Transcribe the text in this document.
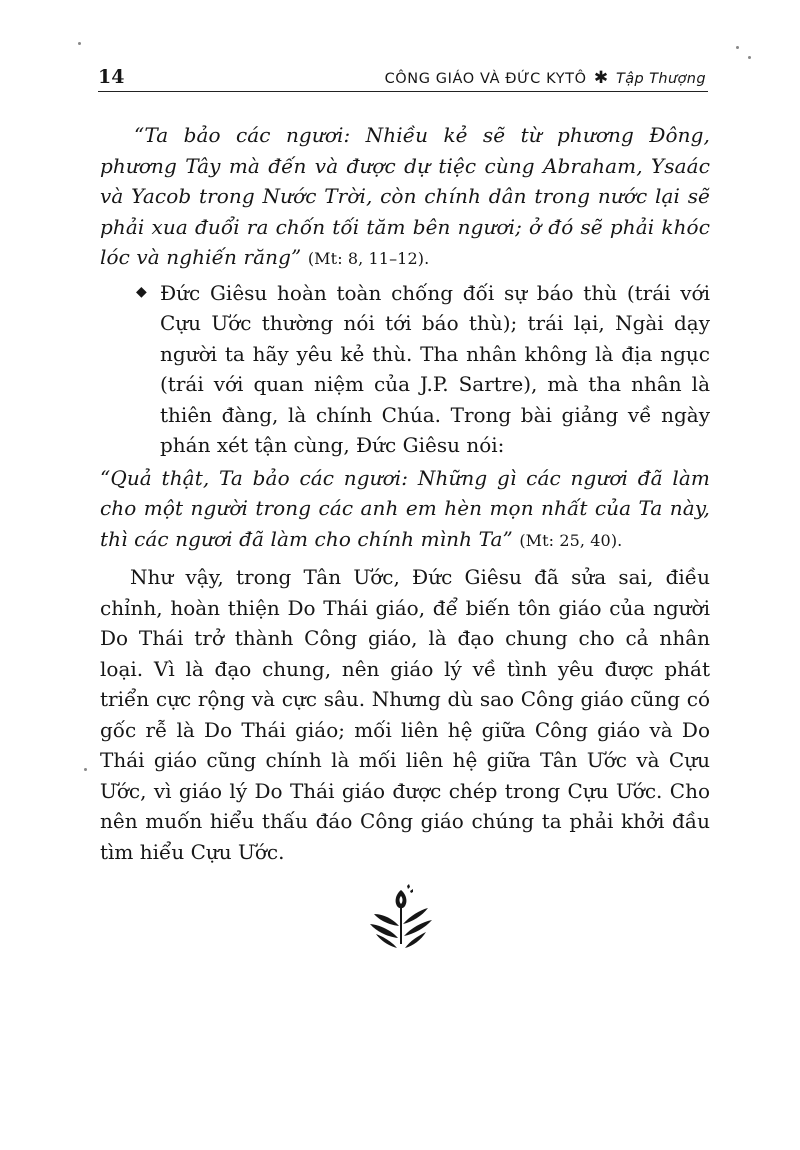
14	CÔNG GIÁO VÀ ĐỨC KYTÔ ✱ Tập Thượng

“Ta bảo các ngươi: Nhiều kẻ sẽ từ phương Đông, phương Tây mà đến và được dự tiệc cùng Abraham, Ysaác và Yacob trong Nước Trời, còn chính dân trong nước lại sẽ phải xua đuổi ra chốn tối tăm bên ngươi; ở đó sẽ phải khóc lóc và nghiến răng” (Mt: 8, 11–12).

◆ Đức Giêsu hoàn toàn chống đối sự báo thù (trái với Cựu Ước thường nói tới báo thù); trái lại, Ngài dạy người ta hãy yêu kẻ thù. Tha nhân không là địa ngục (trái với quan niệm của J.P. Sartre), mà tha nhân là thiên đàng, là chính Chúa. Trong bài giảng về ngày phán xét tận cùng, Đức Giêsu nói:

“Quả thật, Ta bảo các ngươi: Những gì các ngươi đã làm cho một người trong các anh em hèn mọn nhất của Ta này, thì các ngươi đã làm cho chính mình Ta” (Mt: 25, 40).

Như vậy, trong Tân Ước, Đức Giêsu đã sửa sai, điều chỉnh, hoàn thiện Do Thái giáo, để biến tôn giáo của người Do Thái trở thành Công giáo, là đạo chung cho cả nhân loại. Vì là đạo chung, nên giáo lý về tình yêu được phát triển cực rộng và cực sâu. Nhưng dù sao Công giáo cũng có gốc rễ là Do Thái giáo; mối liên hệ giữa Công giáo và Do Thái giáo cũng chính là mối liên hệ giữa Tân Ước và Cựu Ước, vì giáo lý Do Thái giáo được chép trong Cựu Ước. Cho nên muốn hiểu thấu đáo Công giáo chúng ta phải khởi đầu tìm hiểu Cựu Ước.
